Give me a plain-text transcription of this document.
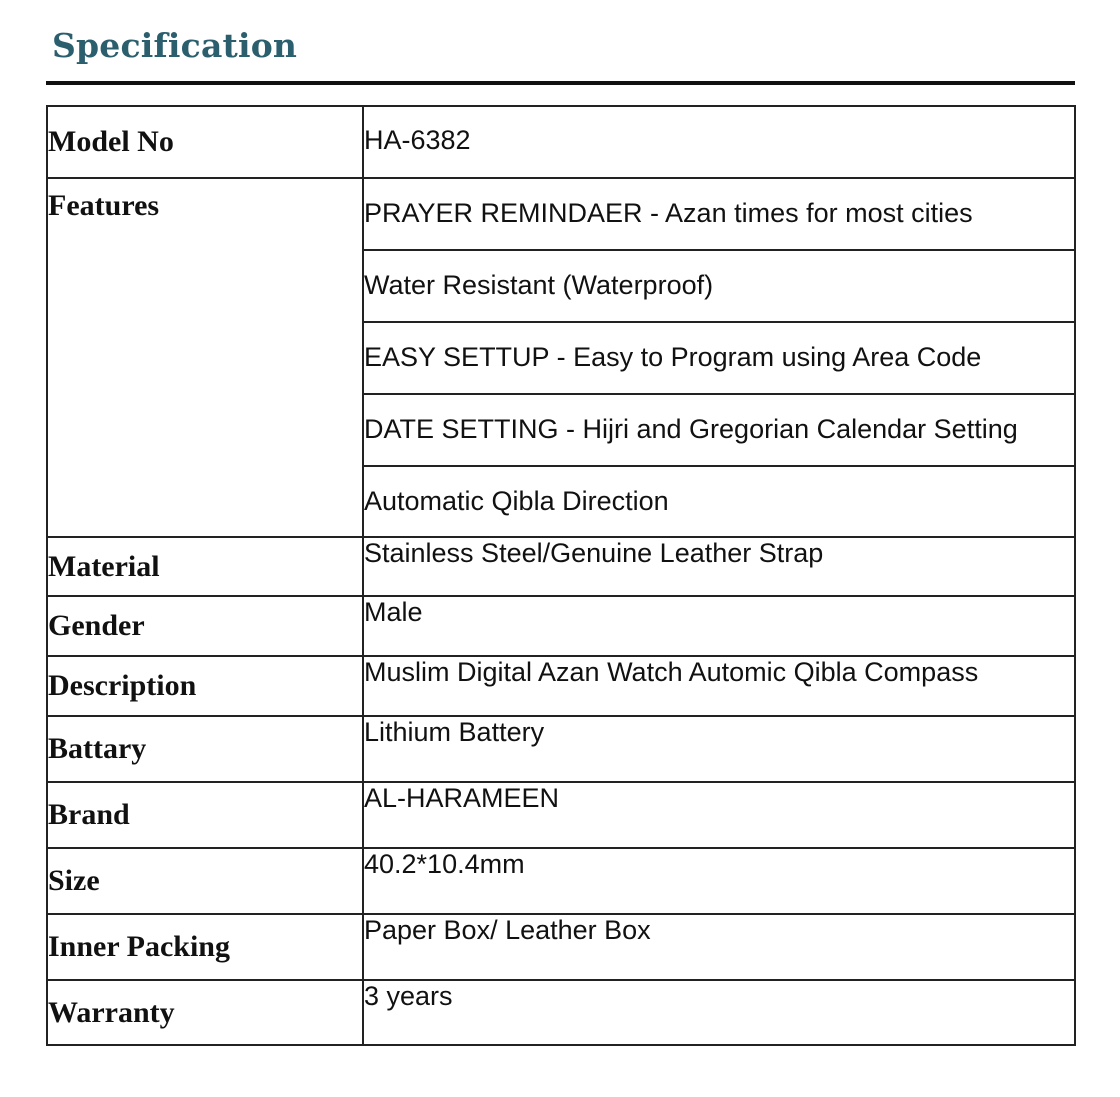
Specification
Model No	HA-6382
Features	PRAYER REMINDAER - Azan times for most cities
	Water Resistant (Waterproof)
	EASY SETTUP - Easy to Program using Area Code
	DATE SETTING - Hijri and Gregorian Calendar Setting
	Automatic Qibla Direction
Material	Stainless Steel/Genuine Leather Strap
Gender	Male
Description	Muslim Digital Azan Watch Automic Qibla Compass
Battary	Lithium Battery
Brand	AL-HARAMEEN
Size	40.2*10.4mm
Inner Packing	Paper Box/ Leather Box
Warranty	3 years
